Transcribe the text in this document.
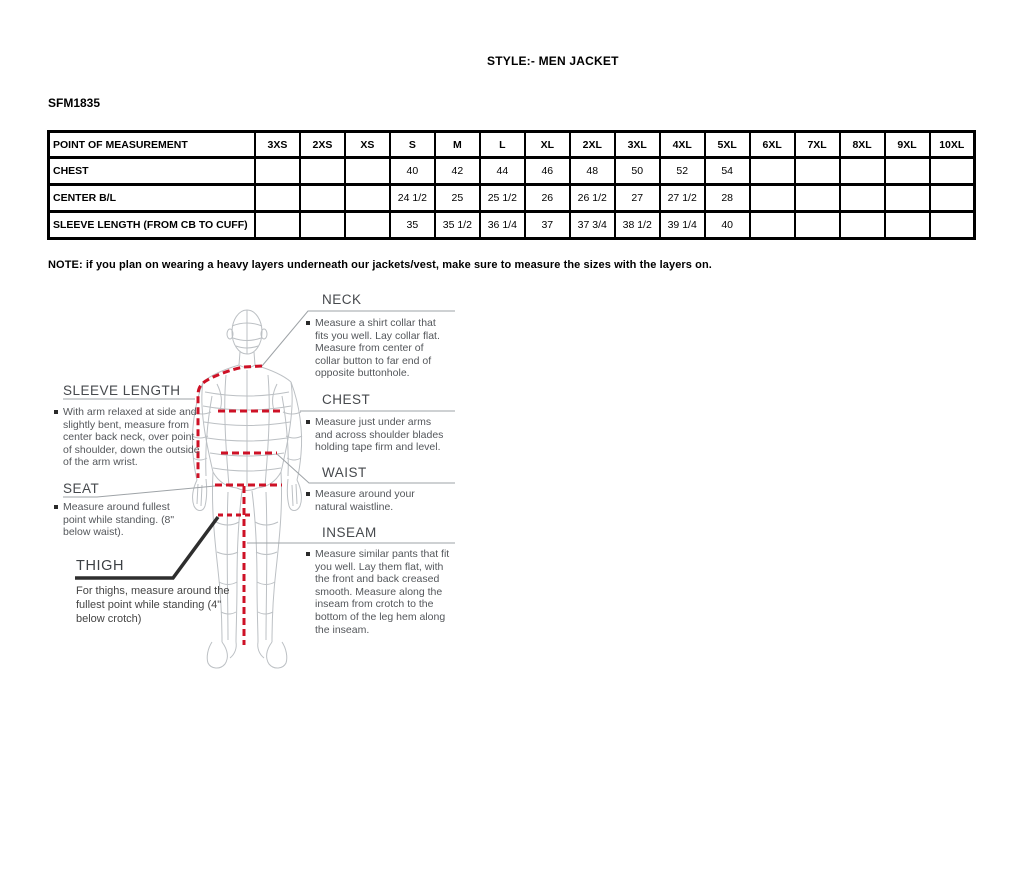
STYLE:- MEN JACKET
SFM1835
POINT OF MEASUREMENT	3XS	2XS	XS	S	M	L	XL	2XL	3XL	4XL	5XL	6XL	7XL	8XL	9XL	10XL
CHEST				40	42	44	46	48	50	52	54					
CENTER B/L				24 1/2	25	25 1/2	26	26 1/2	27	27 1/2	28					
SLEEVE LENGTH (FROM CB TO CUFF)				35	35 1/2	36 1/4	37	37 3/4	38 1/2	39 1/4	40					
NOTE: if you plan on wearing a heavy layers underneath our jackets/vest, make sure to measure the sizes with the layers on.
NECK
Measure a shirt collar that fits you well. Lay collar flat. Measure from center of collar button to far end of opposite buttonhole.
CHEST
Measure just under arms and across shoulder blades holding tape firm and level.
WAIST
Measure around your natural waistline.
INSEAM
Measure similar pants that fit you well. Lay them flat, with the front and back creased smooth. Measure along the inseam from crotch to the bottom of the leg hem along the inseam.
SLEEVE LENGTH
With arm relaxed at side and slightly bent, measure from center back neck, over point of shoulder, down the outside of the arm wrist.
SEAT
Measure around fullest point while standing. (8" below waist).
THIGH
For thighs, measure around the fullest point while standing (4" below crotch)
